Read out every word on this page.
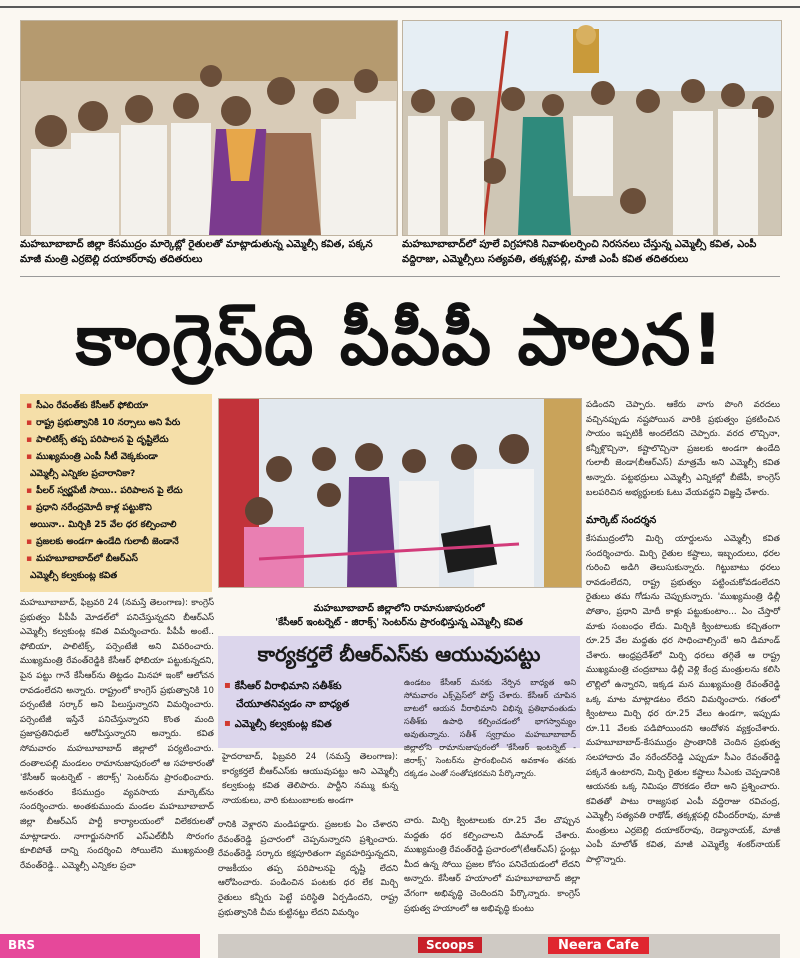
మహబూబాబాద్ జిల్లా కేసముద్రం మార్కెట్లో రైతులతో మాట్లాడుతున్న ఎమ్మెల్సీ కవిత, పక్కన మాజీ మంత్రి ఎర్రబెల్లి దయాకర్‌రావు తదితరులు
మహబూబాబాద్‌లో పూలే విగ్రహానికి నివాళులర్పించి నిరసనలు చేస్తున్న ఎమ్మెల్సీ కవిత, ఎంపీ వద్దిరాజు, ఎమ్మెల్సీలు సత్యవతి, తక్కళ్లపల్లి, మాజీ ఎంపీ కవిత తదితరులు
కాంగ్రెస్‌ది పీపీపీ పాలన!
▪ సీఎం రేవంత్‌కు కేసీఆర్ ఫోబియా
▪ రాష్ట్ర ప్రభుత్వానికి 10 నర్సాలు అని పేరు
▪ పాలిటిక్స్ తప్ప పరిపాలన పై దృష్టిలేదు
▪ ముఖ్యమంత్రి ఎంపీ సీటీ వెక్కకుండా
ఎమ్మెల్సీ ఎన్నికల ప్రచారానికా?
▪ పీలర్ స్వర్ణపేటీ సాయి.. పరిపాలన పై లేదు
▪ ప్రధాని నరేంద్రమోదీ కాళ్ల పట్టుకొని
అయినా.. మిర్చికి 25 వేల ధర కల్పించాలి
▪ ప్రజలకు అండగా ఉండేది గులాబీ జెండానే
▪ మహబూబాబాద్‌లో బీఆర్ఎస్
ఎమ్మెల్సీ కల్వకుంట్ల కవిత
మహబూబాబాద్, ఫిబ్రవరి 24 (నమస్తే తెలంగాణ): కాంగ్రెస్ ప్రభుత్వం పీపీపీ మోడల్‌లో పనిచేస్తున్నదని బీఆర్ఎస్ ఎమ్మెల్సీ కల్వకుంట్ల కవిత విమర్శించారు. పీపీపీ అంటే.. ఫోబియా, పాలిటిక్స్, పర్సెంటేజీ అని వివరించారు. ముఖ్యమంత్రి రేవంత్‌రెడ్డికి కేసీఆర్ ఫోబియా పట్టుకున్నదని, పైన పట్టు గానే కేసీఆర్‌ను తిట్టడం మినహా ఇంకో ఆలోచన రావడంలేదని అన్నారు. రాష్ట్రంలో కాంగ్రెస్ ప్రభుత్వానికి 10 పర్సంటేజీ సర్కార్ అని పిలుస్తున్నారని విమర్శించారు. పర్సెంటేజీ ఇస్తేనే పనిచేస్తున్నారని కొంత మంది ప్రజాప్రతినిధులే ఆరోపిస్తున్నారని అన్నారు. కవిత సోమవారం మహబూబాబాద్ జిల్లాలో పర్యటించారు. దంతాలపల్లి మండలం రామానుజాపురంలో ఆ సహకారంతో 'కేసీఆర్ ఇంటర్నెట్ - జిరాక్స్' సెంటర్‌ను ప్రారంభించారు. అనంతరం కేసముద్రం వ్యవసాయ మార్కెట్‌ను సందర్శించారు. అంతకుముందు మండల మహబూబాబాద్ జిల్లా బీఆర్ఎస్ పార్టీ కార్యాలయంలో విలేకరులతో మాట్లాడారు. నాగార్జునసాగర్ ఎస్ఎల్‌బీసీ సొరంగం కూలిపోతే దాన్ని సందర్శించి సోయిలేని ముఖ్యమంత్రి రేవంత్‌రెడ్డి.. ఎమ్మెల్సీ ఎన్నికల ప్రచా
మహబూబాబాద్ జిల్లాలోని రామానుజాపురంలో
'కేసీఆర్ ఇంటర్నెట్ - జిరాక్స్' సెంటర్‌ను ప్రారంభిస్తున్న ఎమ్మెల్సీ కవిత
కార్యకర్తలే బీఆర్ఎస్‌కు ఆయువుపట్టు
▪ కేసీఆర్ వీరాభిమాని సతీశ్‌కు
చేయూతనివ్వడం నా బాధ్యత
▪ ఎమ్మెల్సీ కల్వకుంట్ల కవిత
ఉండటం కేసీఆర్ మనకు నేర్పిన బాధ్యత అని సోమవారం ఎక్స్‌ప్రెస్‌లో పోస్ట్ చేశారు. కేసీఆర్ చూపిన బాటలో ఆయన వీరాభిమాని విభిన్న ప్రతిభావంతుడు సతీశ్‌కు ఉపాధి కల్పించడంలో భాగస్వామ్యం అవుతున్నాను. సతీశ్ స్వగ్రామం మహబూబాబాద్ జిల్లాలోని రామానుజాపురంలో 'కేసీఆర్ ఇంటర్నెట్ - జిరాక్స్' సెంటర్‌ను ప్రారంభించిన అవకాశం తనకు దక్కడం ఎంతో సంతోషకరమని పేర్కొన్నారు.
హైదరాబాద్, ఫిబ్రవరి 24 (నమస్తే తెలంగాణ): కార్యకర్తలే బీఆర్ఎస్‌కు ఆయువుపట్టు అని ఎమ్మెల్సీ కల్వకుంట్ల కవిత తెలిపారు. పార్టీని నమ్ము కున్న నాయకులు, వారి కుటుంబాలకు అండగా
రానికి వెళ్లారని మండిపడ్డారు. ప్రజలకు ఏం చేశారని రేవంత్‌రెడ్డి ప్రచారంలో చెప్పనున్నారని ప్రశ్నించారు. రేవంత్‌రెడ్డి సర్కారు కక్షపూరితంగా వ్యవహరిస్తున్నదని, రాజకీయం తప్ప పరిపాలనపై దృష్టి లేదని ఆరోపించారు. పండించిన పంటకు ధర లేక మిర్చి రైతులు కన్నీరు పెట్టే పరిస్థితి ఏర్పడిందని, రాష్ట్ర ప్రభుత్వానికి చీమ కుట్టినట్టు లేదని విమర్శిం
చారు. మిర్చి క్వింటాలుకు రూ.25 వేల చొప్పున మద్దతు ధర కల్పించాలని డిమాండ్ చేశారు. ముఖ్యమంత్రి రేవంత్‌రెడ్డి ప్రచారంలో(టీఆర్‌ఎస్) స్టంట్లు మీద ఉన్న సోయి ప్రజల కోసం పనిచేయడంలో లేదని అన్నారు. కేసీఆర్ హయాంలో మహబూబాబాద్ జిల్లా వేగంగా అభివృద్ధి చెందిందని పేర్కొన్నారు. కాంగ్రెస్ ప్రభుత్వ హయాంలో ఆ అభివృద్ధి కుంటు
పడిందని చెప్పారు. ఆకేరు వాగు పొంగి వరదలు వచ్చినప్పుడు నష్టపోయిన వారికి ప్రభుత్వం ప్రకటించిన సాయం ఇప్పటికీ అందలేదని చెప్పారు. వరద లొచ్చినా, కన్నీళ్లొచ్చినా, కష్టాలొచ్చినా ప్రజలకు అండగా ఉండేది గులాబీ జెండా(బీఆర్ఎస్) మాత్రమే అని ఎమ్మెల్సీ కవిత అన్నారు. పట్టభద్రులు ఎమ్మెల్సీ ఎన్నికల్లో బీజేపీ, కాంగ్రెస్ బలపరిచిన అభ్యర్థులకు ఓటు వేయవద్దని విజ్ఞప్తి చేశారు.
మార్కెట్ సందర్శన
కేసముద్రంలోని మిర్చి యార్డులను ఎమ్మెల్సీ కవిత సందర్శించారు. మిర్చి రైతుల కష్టాలు, ఇబ్బందులు, ధరల గురించి అడిగి తెలుసుకున్నారు. గిట్టుబాటు ధరలు రావడంలేదని, రాష్ట్ర ప్రభుత్వం పట్టించుకోవడంలేదని రైతులు తమ గోడును చెప్పుకున్నారు. 'ముఖ్యమంత్రి ఢిల్లీ పోతాం, ప్రధాని మోదీ కాళ్లు పట్టుకుంటాం... ఏం చేస్తారో మాకు సంబంధం లేదు. మిర్చికి క్వింటాలుకు కచ్చితంగా రూ.25 వేల మద్దతు ధర సాధించాల్సిందే' అని డిమాండ్ చేశారు. ఆంధ్రప్రదేశ్‌లో మిర్చి ధరలు తగ్గితే ఆ రాష్ట్ర ముఖ్యమంత్రి చంద్రబాబు ఢిల్లీ వెళ్లి కేంద్ర మంత్రులను కలిసి లొల్లిలో ఉన్నారని, ఇక్కడ మన ముఖ్యమంత్రి రేవంత్‌రెడ్డి ఒక్క మాట మాట్లాడటం లేదని విమర్శించారు. గతంలో క్వింటాలు మిర్చి ధర రూ.25 వేలు ఉండగా, ఇప్పుడు రూ.11 వేలకు పడిపోయిందని ఆందోళన వ్యక్తంచేశారు. మహబూబాబాద్-కేసముద్రం ప్రాంతానికి చెందిన ప్రభుత్వ సలహాదారు వేం నరేందర్‌రెడ్డి ఎప్పుడూ సీఎం రేవంత్‌రెడ్డి పక్కనే ఉంటారని, మిర్చి రైతుల కష్టాలు సీఎంకు చెప్పడానికి ఆయనకు ఒక్క నిమిషం దొరకడం లేదా అని ప్రశ్నించారు. కవితతో పాటు రాజ్యసభ ఎంపీ వద్దిరాజు రవిచంద్ర, ఎమ్మెల్సీ సత్యవతి రాథోడ్, తక్కళ్లపల్లి రవీందర్‌రావు, మాజీ మంత్రులు ఎర్రబెల్లి దయాకర్‌రావు, రెడ్యానాయక్, మాజీ ఎంపీ మాలోత్ కవిత, మాజీ ఎమ్మెల్యే శంకర్‌నాయక్ పాల్గొన్నారు.
BRS	Scoops	Neera Cafe
